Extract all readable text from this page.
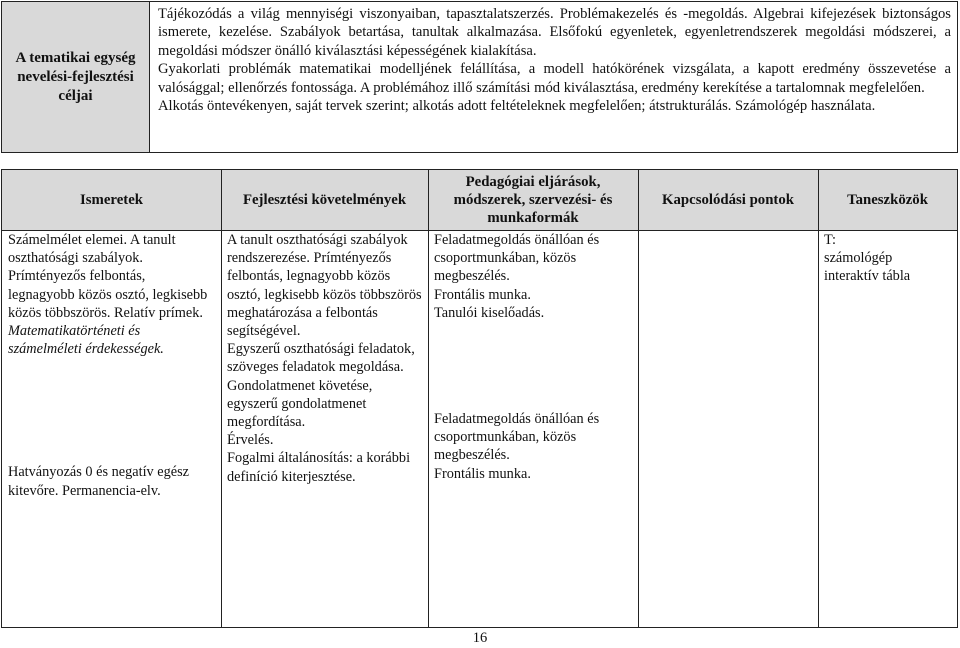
A tematikai egység nevelési-fejlesztési céljai

Tájékozódás a világ mennyiségi viszonyaiban, tapasztalatszerzés. Problémakezelés és -megoldás. Algebrai kifejezések biztonságos ismerete, kezelése. Szabályok betartása, tanultak alkalmazása. Elsőfokú egyenletek, egyenletrendszerek megoldási módszerei, a megoldási módszer önálló kiválasztási képességének kialakítása.

Gyakorlati problémák matematikai modelljének felállítása, a modell hatókörének vizsgálata, a kapott eredmény összevetése a valósággal; ellenőrzés fontossága. A problémához illő számítási mód kiválasztása, eredmény kerekítése a tartalomnak megfelelően.

Alkotás öntevékenyen, saját tervek szerint; alkotás adott feltételeknek megfelelően; átstrukturálás. Számológép használata.

Ismeretek	Fejlesztési követelmények
Pedagógiai eljárások, módszerek, szervezési- és munkaformák
Kapcsolódási pontok	Taneszközök

Számelmélet elemei. A tanult oszthatósági szabályok. Prímtényezős felbontás, legnagyobb közös osztó, legkisebb közös többszörös. Relatív prímek.

Matematikatörténeti és számelméleti érdekességek.

Hatványozás 0 és negatív egész kitevőre. Permanencia-elv.

A tanult oszthatósági szabályok rendszerezése. Prímtényezős felbontás, legnagyobb közös osztó, legkisebb közös többszörös meghatározása a felbontás segítségével.

Egyszerű oszthatósági feladatok, szöveges feladatok megoldása.

Gondolatmenet követése, egyszerű gondolatmenet megfordítása.

Érvelés.

Fogalmi általánosítás: a korábbi definíció kiterjesztése.

Feladatmegoldás önállóan és csoportmunkában, közös megbeszélés.

Frontális munka.

Tanulói kiselőadás.

Feladatmegoldás önállóan és csoportmunkában, közös megbeszélés.

Frontális munka.

T:

számológép

interaktív tábla

16
